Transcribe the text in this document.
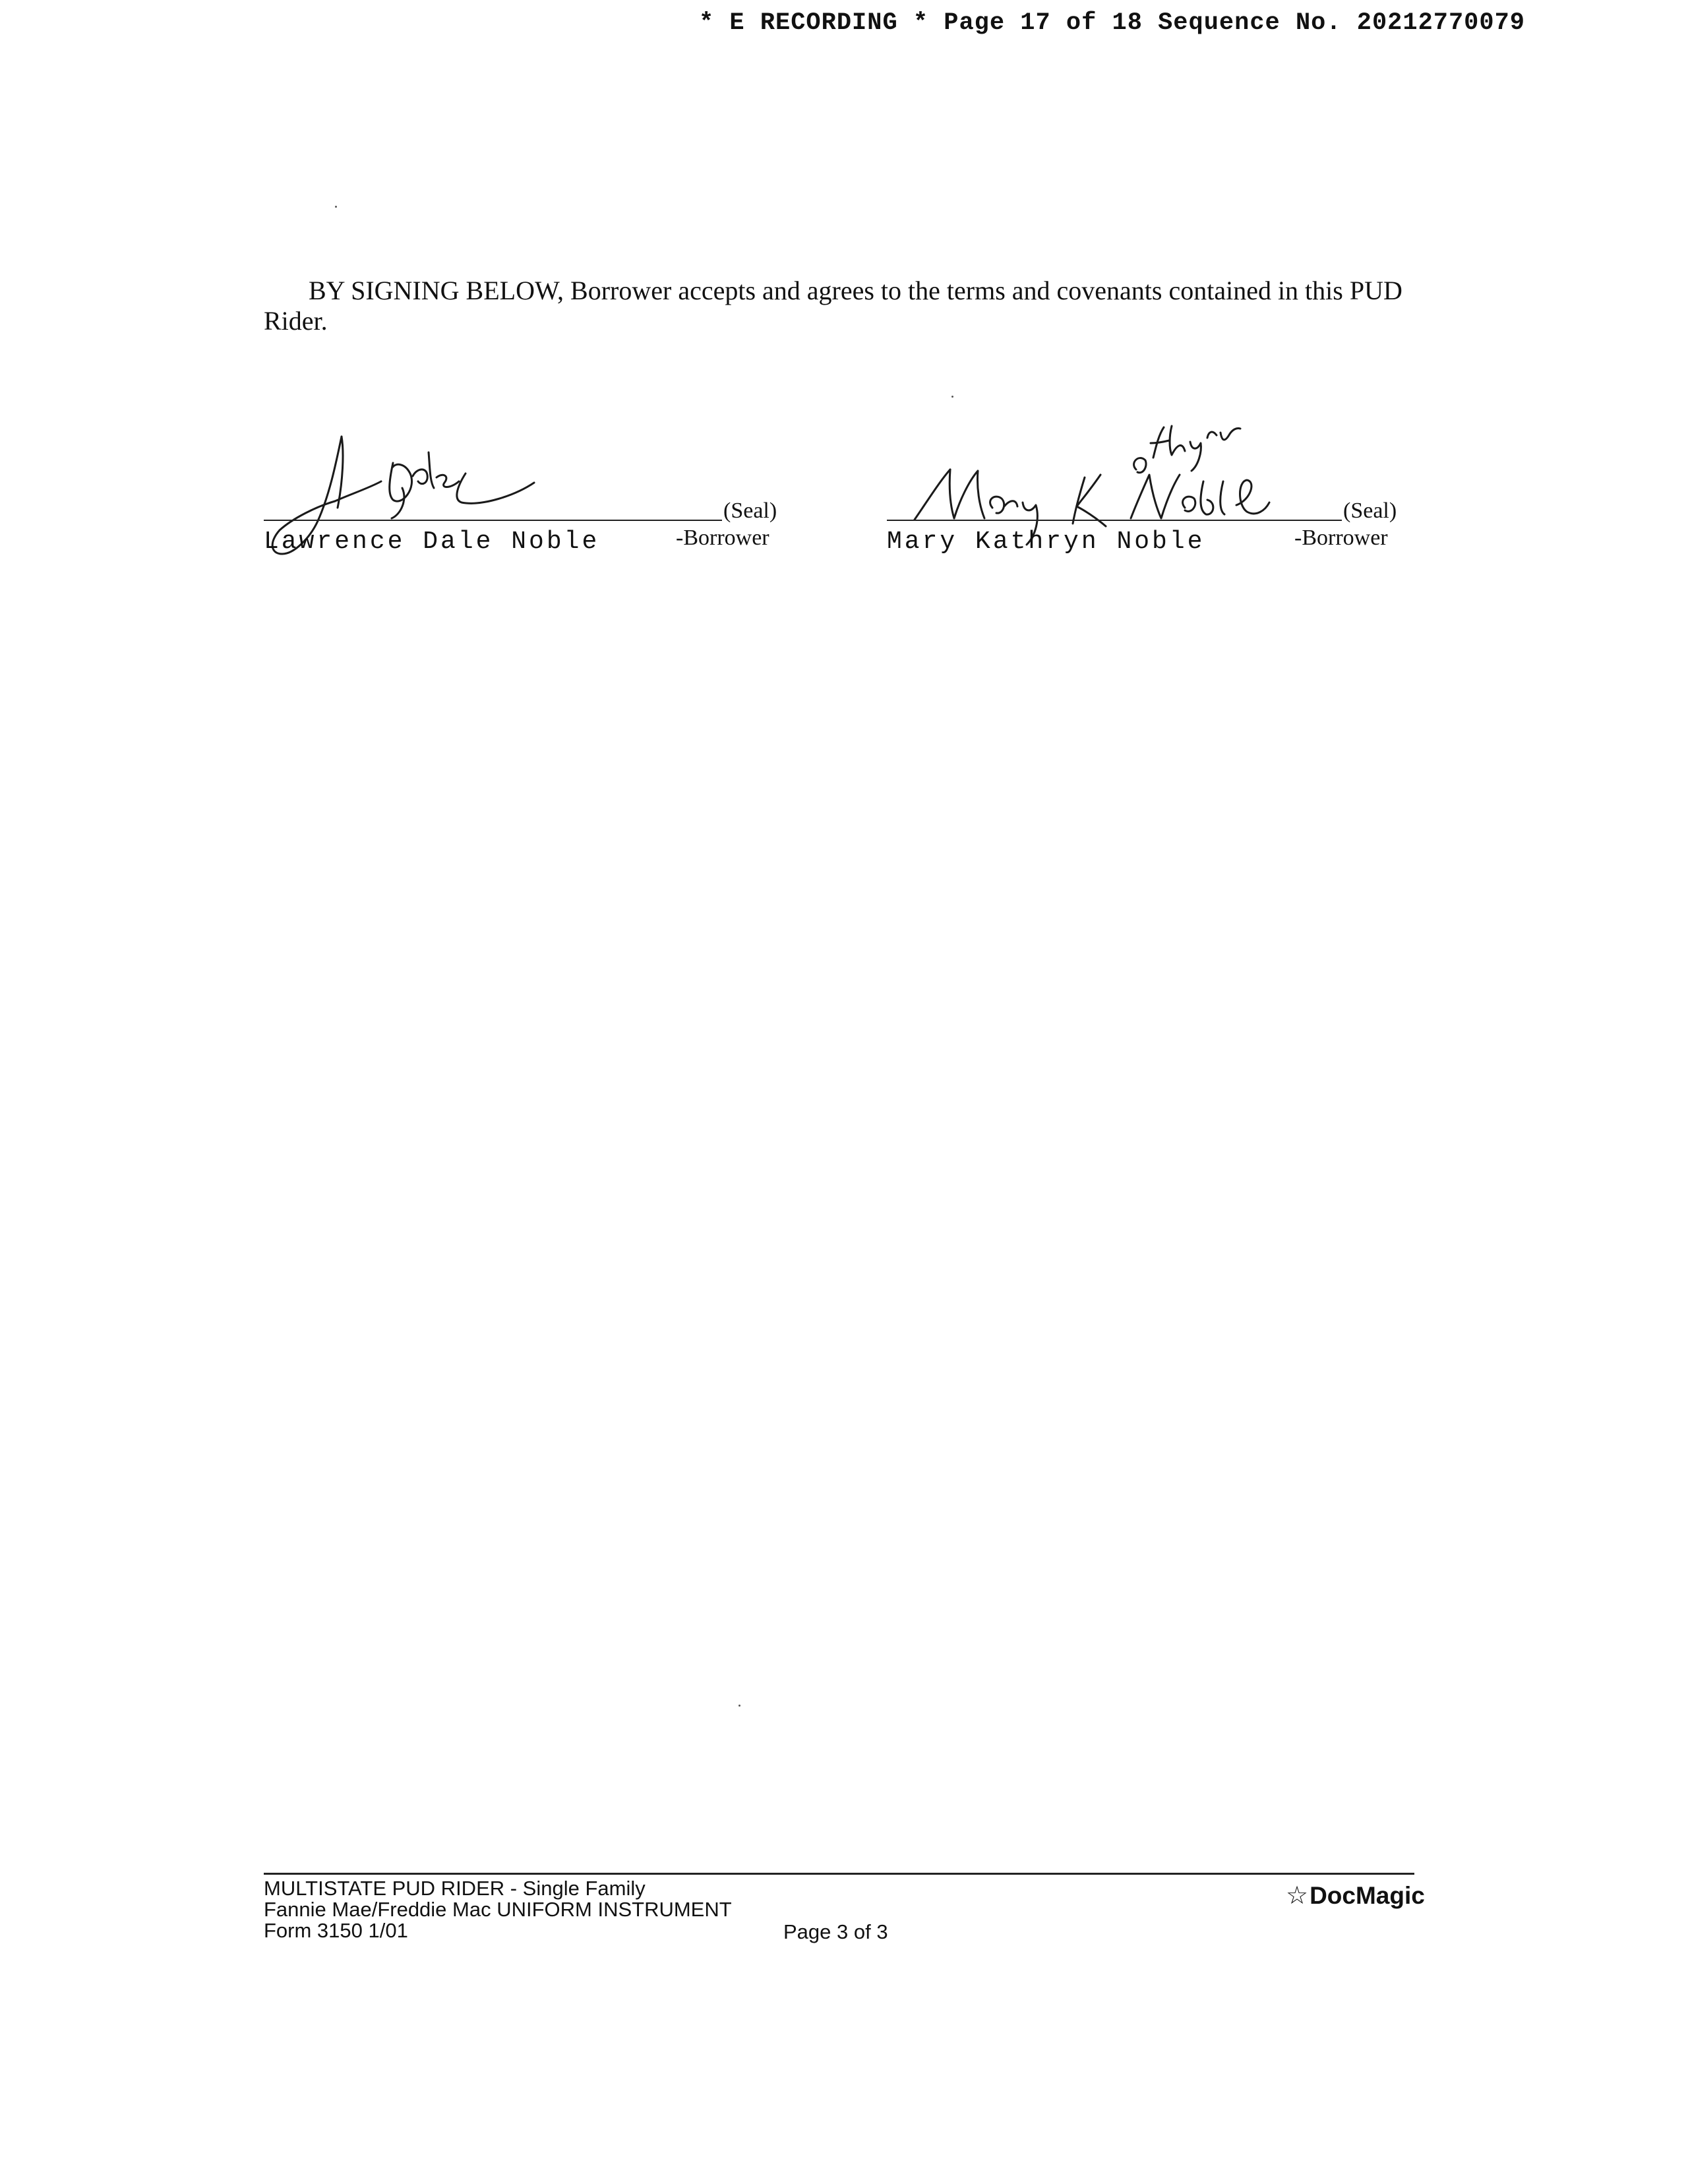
* E RECORDING * Page 17 of 18 Sequence No. 20212770079
BY SIGNING BELOW, Borrower accepts and agrees to the terms and covenants contained in this PUD
Rider.
(Seal)
Lawrence Dale Noble	-Borrower
(Seal)
Mary Kathryn Noble	-Borrower
MULTISTATE PUD RIDER - Single Family
Fannie Mae/Freddie Mac UNIFORM INSTRUMENT
Form 3150 1/01	Page 3 of 3
☆ DocMagic
